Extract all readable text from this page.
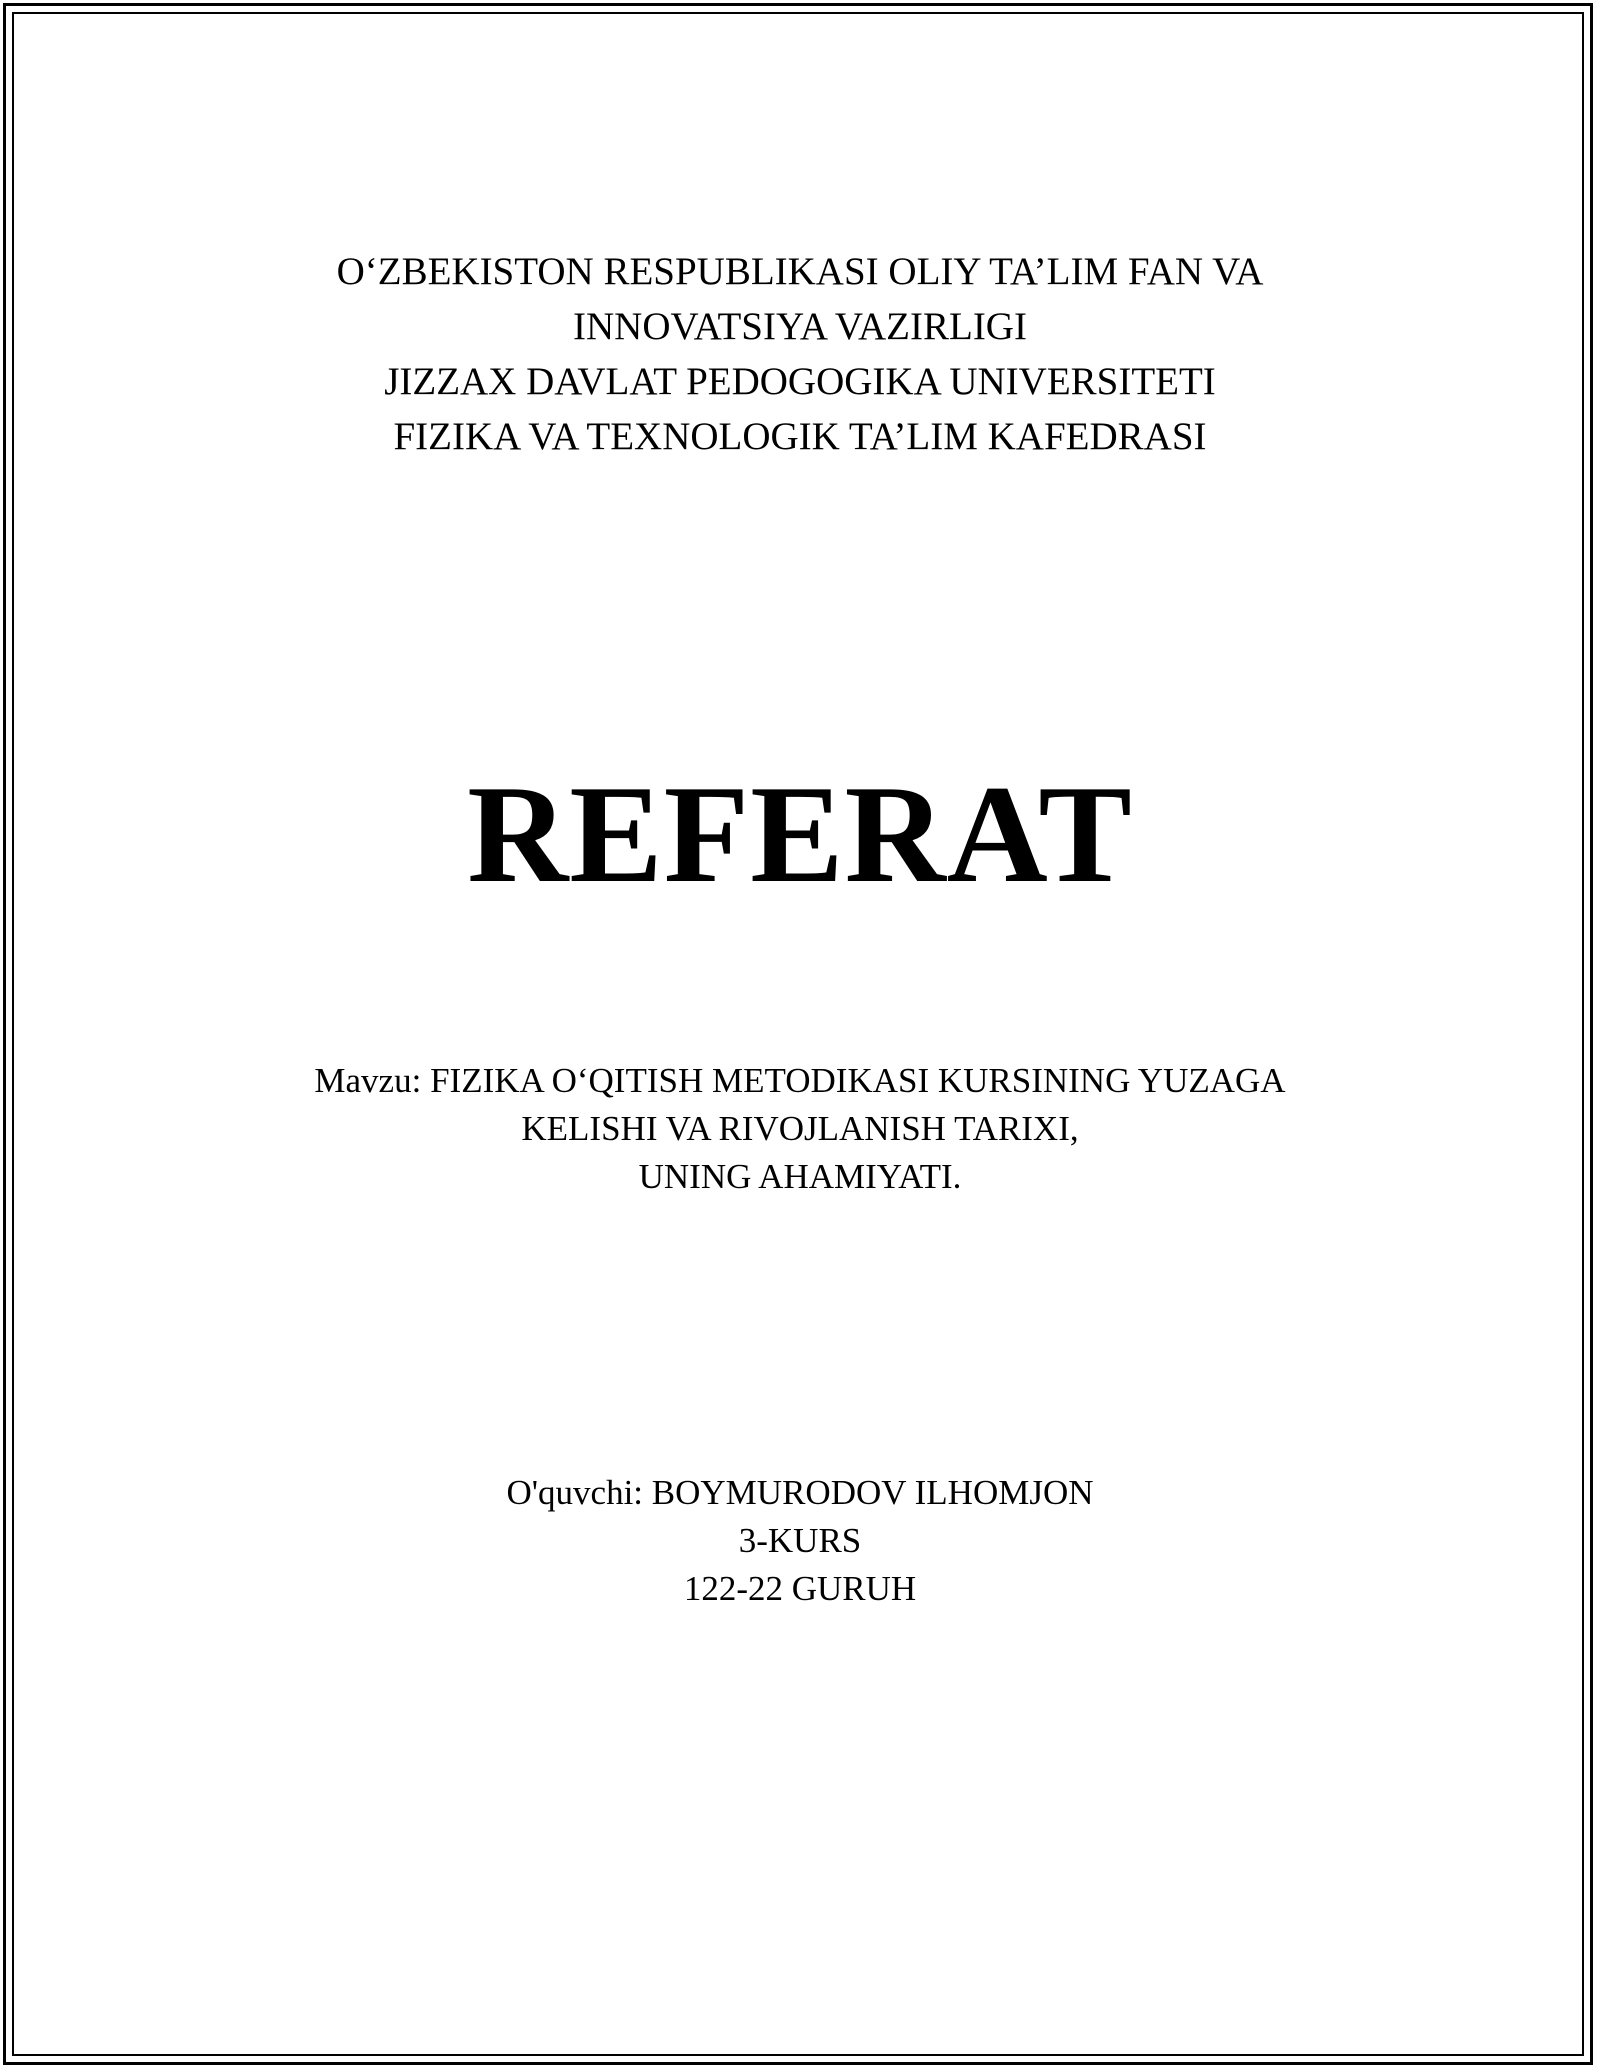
O‘ZBEKISTON RESPUBLIKASI OLIY TA’LIM FAN VA
INNOVATSIYA VAZIRLIGI
JIZZAX DAVLAT PEDOGOGIKA UNIVERSITETI
FIZIKA VA TEXNOLOGIK TA’LIM KAFEDRASI
REFERAT
Mavzu: FIZIKA O‘QITISH METODIKASI KURSINING YUZAGA
KELISHI VA RIVOJLANISH TARIXI,
UNING AHAMIYATI.
O'quvchi: BOYMURODOV ILHOMJON
3-KURS
122-22 GURUH
